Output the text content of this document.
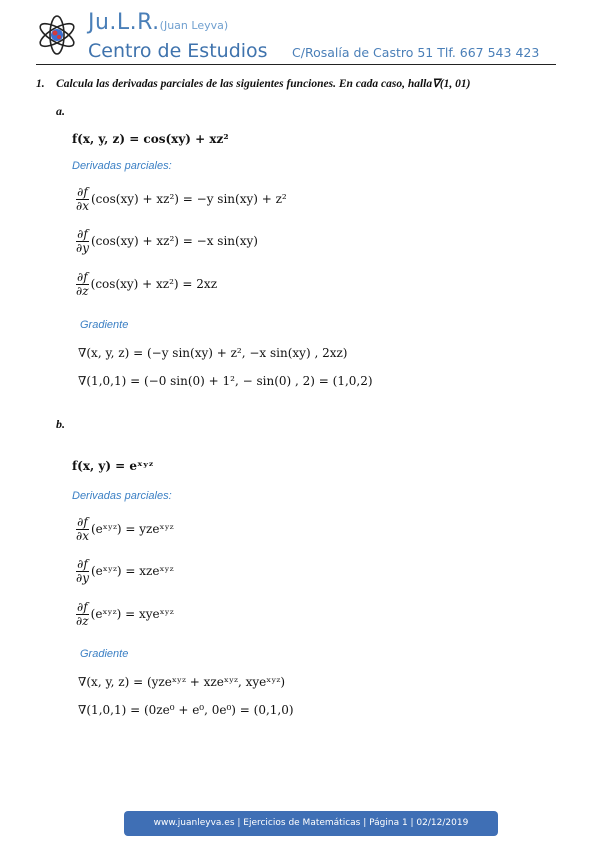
Ju.L.R.(Juan Leyva)
Centro de Estudios C/Rosalía de Castro 51 Tlf. 667 543 423
1. Calcula las derivadas parciales de las siguientes funciones. En cada caso, halla∇(1, 01)
a.
f(x, y, z) = cos(xy) + xz²
Derivadas parciales:
$\frac{\partial f}{\partial x} (\cos(xy) + xz^2) = -y$ sin(xy) + z²
$\frac{\partial f}{\partial y} (\cos(xy) + xz^2) = -x$ sin(xy)
$\frac{\partial f}{\partial z} (\cos(xy) + xz^2) = 2xz$
Gradiente
∇(x, y, z) = (−y sin(xy) + z², −x sin(xy) , 2xz)
∇(1,0,1) = (−0 sin(0) + 1², − sin(0) , 2) = (1,0,2)
b.
f(x, y) = eˣʸᶻ
Derivadas parciales:
$\frac{\partial f}{\partial x}$ (eˣʸᶻ) = yzeˣʸᶻ
$\frac{\partial f}{\partial y}$ (eˣʸᶻ) = xzeˣʸᶻ
$\frac{\partial f}{\partial z}$ (eˣʸᶻ) = xyeˣʸᶻ
Gradiente
∇(x, y, z) = (yzeˣʸᶻ + xzeˣʸᶻ, xyeˣʸᶻ)
∇(1,0,1) = (0ze⁰ + e⁰, 0e⁰) = (0,1,0)
www.juanleyva.es | Ejercicios de Matemáticas | Página 1 | 02/12/2019
